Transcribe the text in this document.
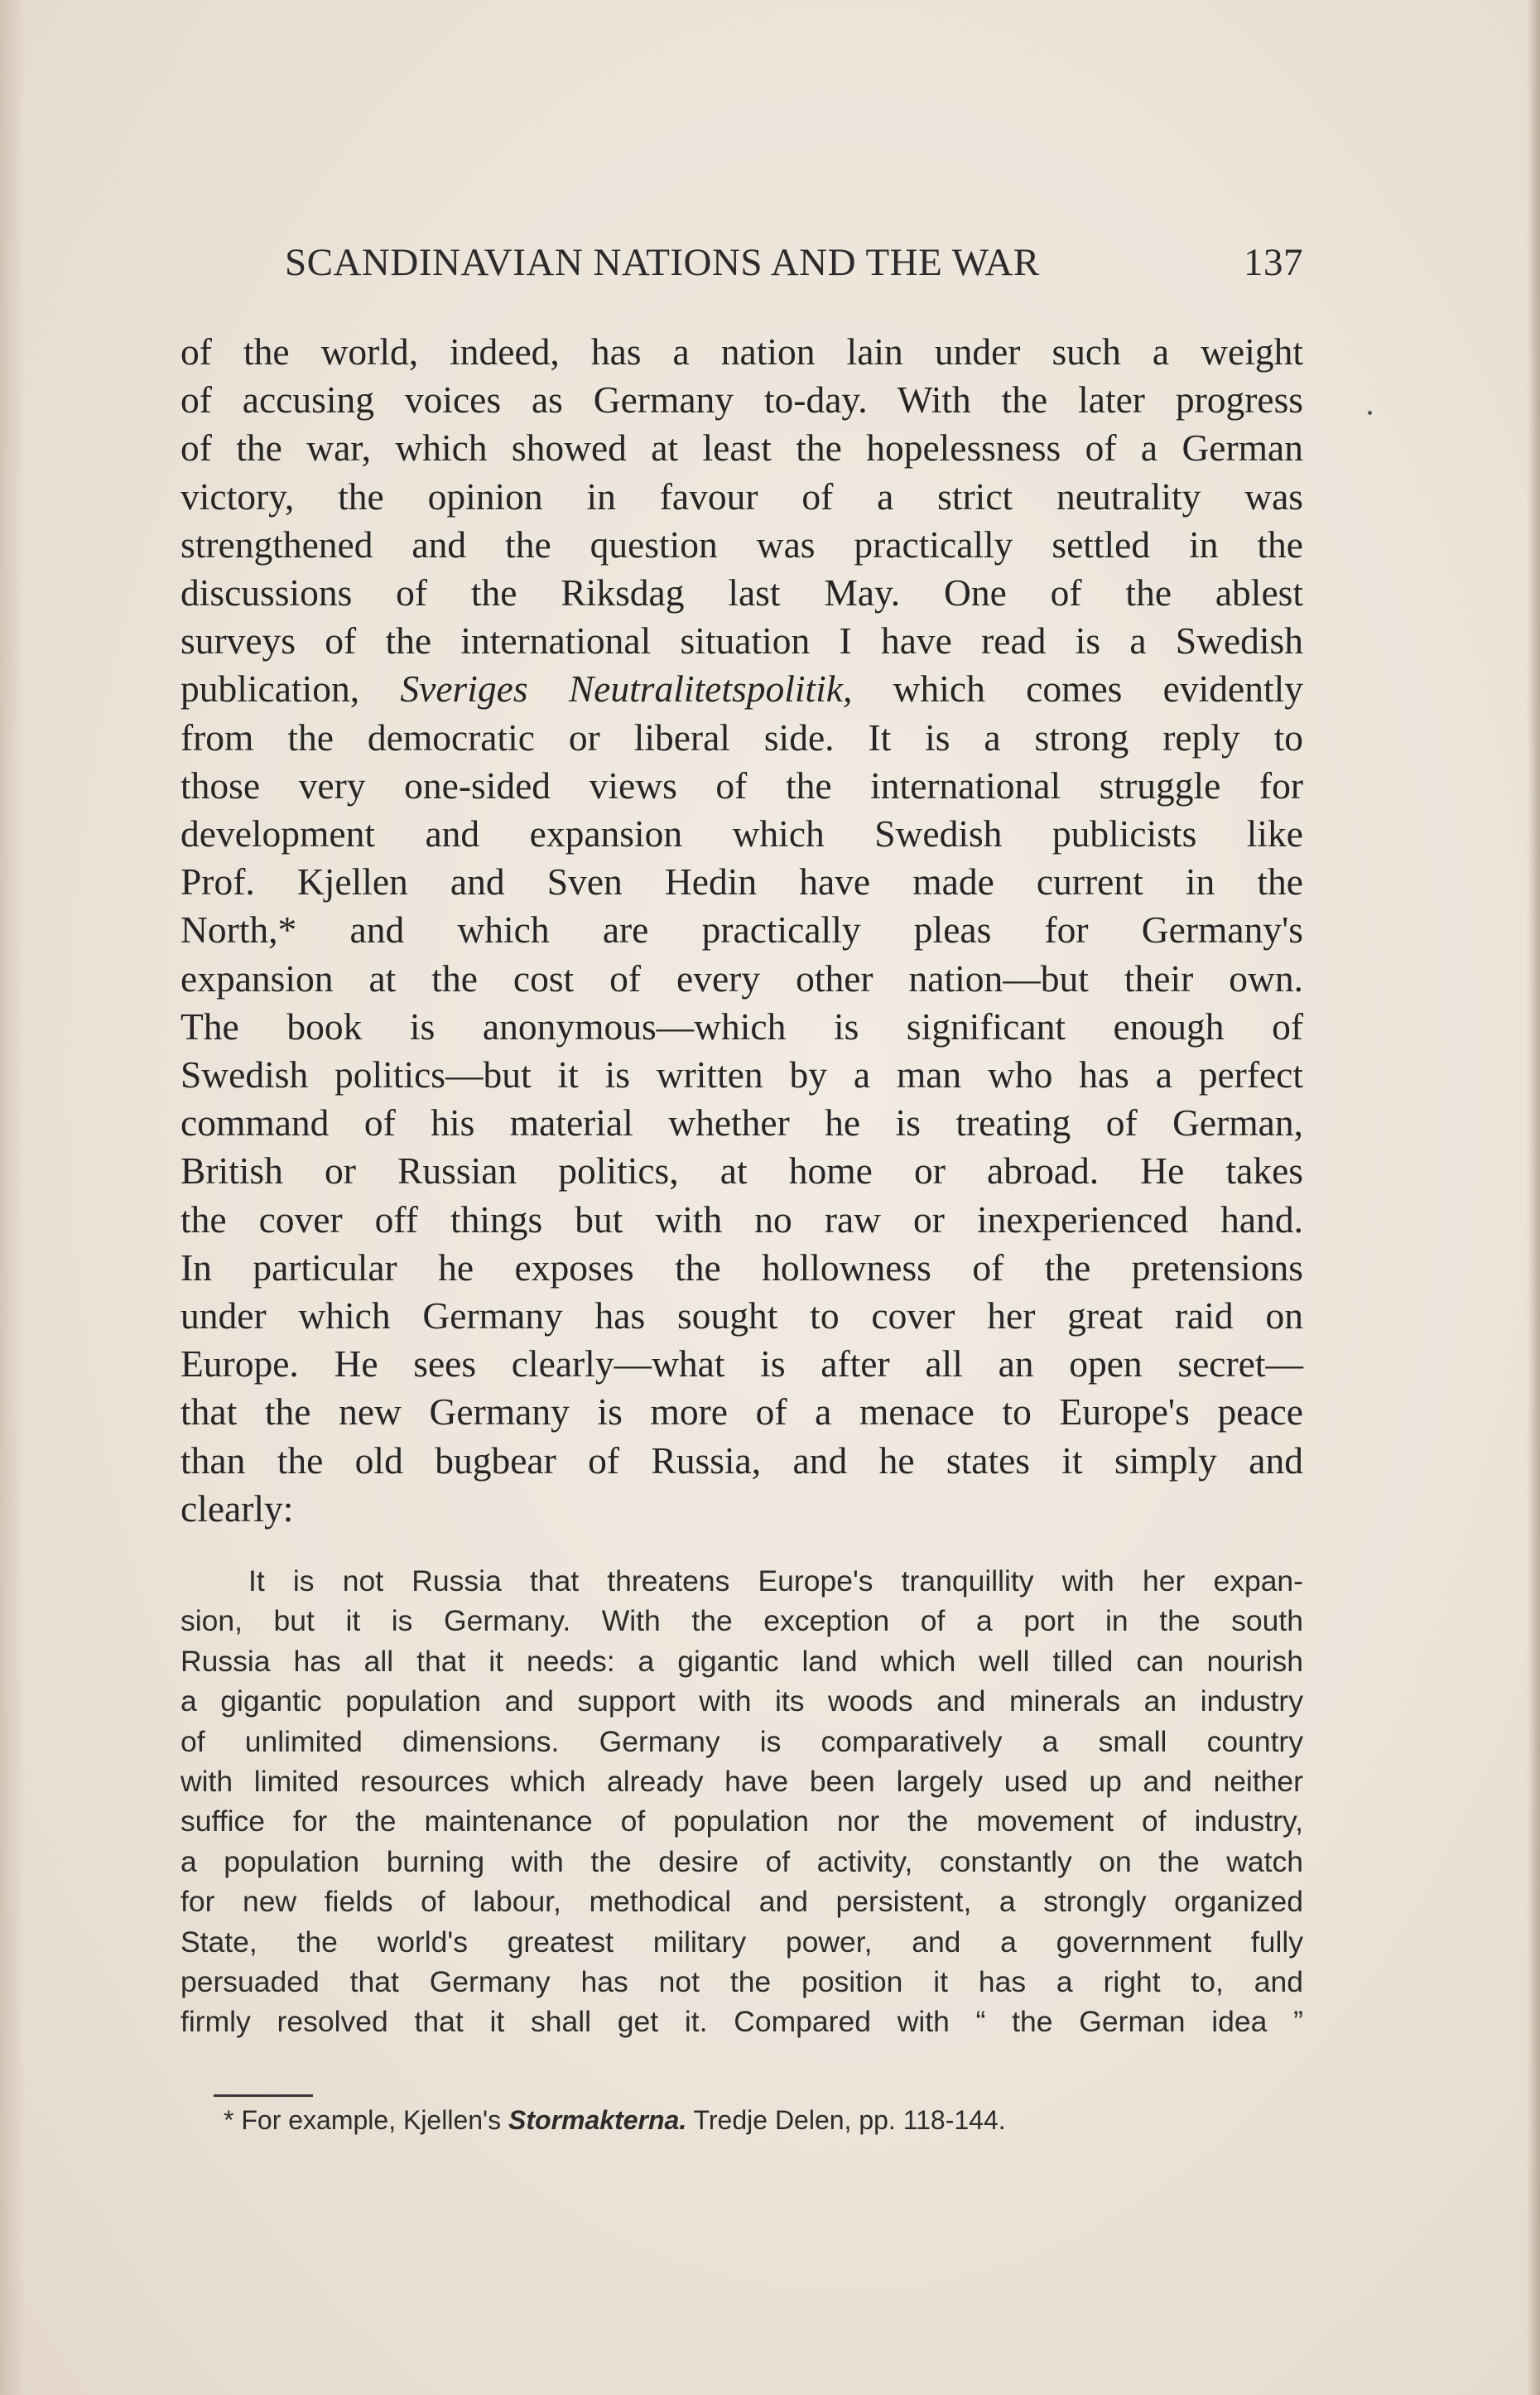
SCANDINAVIAN NATIONS AND THE WAR	137
of the world, indeed, has a nation lain under such a weight
of accusing voices as Germany to-day. With the later progress
of the war, which showed at least the hopelessness of a German
victory, the opinion in favour of a strict neutrality was
strengthened and the question was practically settled in the
discussions of the Riksdag last May. One of the ablest
surveys of the international situation I have read is a Swedish
publication, Sveriges Neutralitetspolitik, which comes evidently
from the democratic or liberal side. It is a strong reply to
those very one-sided views of the international struggle for
development and expansion which Swedish publicists like
Prof. Kjellen and Sven Hedin have made current in the
North,* and which are practically pleas for Germany's
expansion at the cost of every other nation—but their own.
The book is anonymous—which is significant enough of
Swedish politics—but it is written by a man who has a perfect
command of his material whether he is treating of German,
British or Russian politics, at home or abroad. He takes
the cover off things but with no raw or inexperienced hand.
In particular he exposes the hollowness of the pretensions
under which Germany has sought to cover her great raid on
Europe. He sees clearly—what is after all an open secret—
that the new Germany is more of a menace to Europe's peace
than the old bugbear of Russia, and he states it simply and
clearly:
It is not Russia that threatens Europe's tranquillity with her expan-
sion, but it is Germany. With the exception of a port in the south
Russia has all that it needs: a gigantic land which well tilled can nourish
a gigantic population and support with its woods and minerals an industry
of unlimited dimensions. Germany is comparatively a small country
with limited resources which already have been largely used up and neither
suffice for the maintenance of population nor the movement of industry,
a population burning with the desire of activity, constantly on the watch
for new fields of labour, methodical and persistent, a strongly organized
State, the world's greatest military power, and a government fully
persuaded that Germany has not the position it has a right to, and
firmly resolved that it shall get it. Compared with “ the German idea ”
* For example, Kjellen's Stormakterna. Tredje Delen, pp. 118-144.
